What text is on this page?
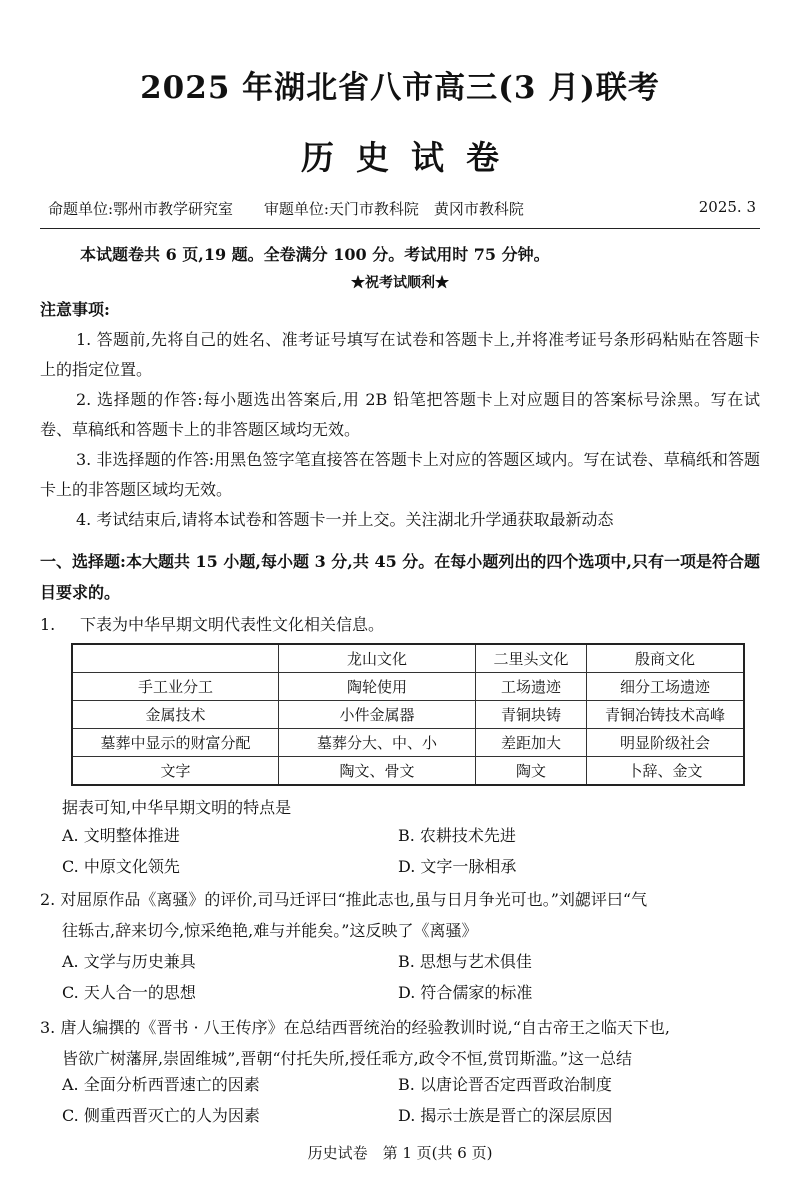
2025 年湖北省八市高三(3 月)联考
历史试卷
命题单位:鄂州市教学研究室 审题单位:天门市教科院　黄冈市教科院	2025. 3
本试题卷共 6 页,19 题。全卷满分 100 分。考试用时 75 分钟。
★祝考试顺利★
注意事项:

1. 答题前,先将自己的姓名、准考证号填写在试卷和答题卡上,并将准考证号条形码粘贴在答题卡上的指定位置。

2. 选择题的作答:每小题选出答案后,用 2B 铅笔把答题卡上对应题目的答案标号涂黑。写在试卷、草稿纸和答题卡上的非答题区域均无效。

3. 非选择题的作答:用黑色签字笔直接答在答题卡上对应的答题区域内。写在试卷、草稿纸和答题卡上的非答题区域均无效。

4. 考试结束后,请将本试卷和答题卡一并上交。关注湖北升学通获取最新动态

一、选择题:本大题共 15 小题,每小题 3 分,共 45 分。在每小题列出的四个选项中,只有一项是符合题目要求的。

1. 下表为中华早期文明代表性文化相关信息。

	龙山文化	二里头文化	殷商文化
手工业分工	陶轮使用	工场遗迹	细分工场遗迹
金属技术	小件金属器	青铜块铸	青铜冶铸技术高峰
墓葬中显示的财富分配	墓葬分大、中、小	差距加大	明显阶级社会
文字	陶文、骨文	陶文	卜辞、金文
据表可知,中华早期文明的特点是
A. 文明整体推进	B. 农耕技术先进
C. 中原文化领先	D. 文字一脉相承

2. 对屈原作品《离骚》的评价,司马迁评曰“推此志也,虽与日月争光可也。”刘勰评曰“气

往轹古,辞来切今,惊采绝艳,难与并能矣。”这反映了《离骚》

A. 文学与历史兼具	B. 思想与艺术俱佳
C. 天人合一的思想	D. 符合儒家的标准

3. 唐人编撰的《晋书 · 八王传序》在总结西晋统治的经验教训时说,“自古帝王之临天下也,

皆欲广树藩屏,崇固维城”,晋朝“付托失所,授任乖方,政令不恒,赏罚斯滥。”这一总结

A. 全面分析西晋速亡的因素	B. 以唐论晋否定西晋政治制度
C. 侧重西晋灭亡的人为因素	D. 揭示士族是晋亡的深层原因
历史试卷　第 1 页(共 6 页)
